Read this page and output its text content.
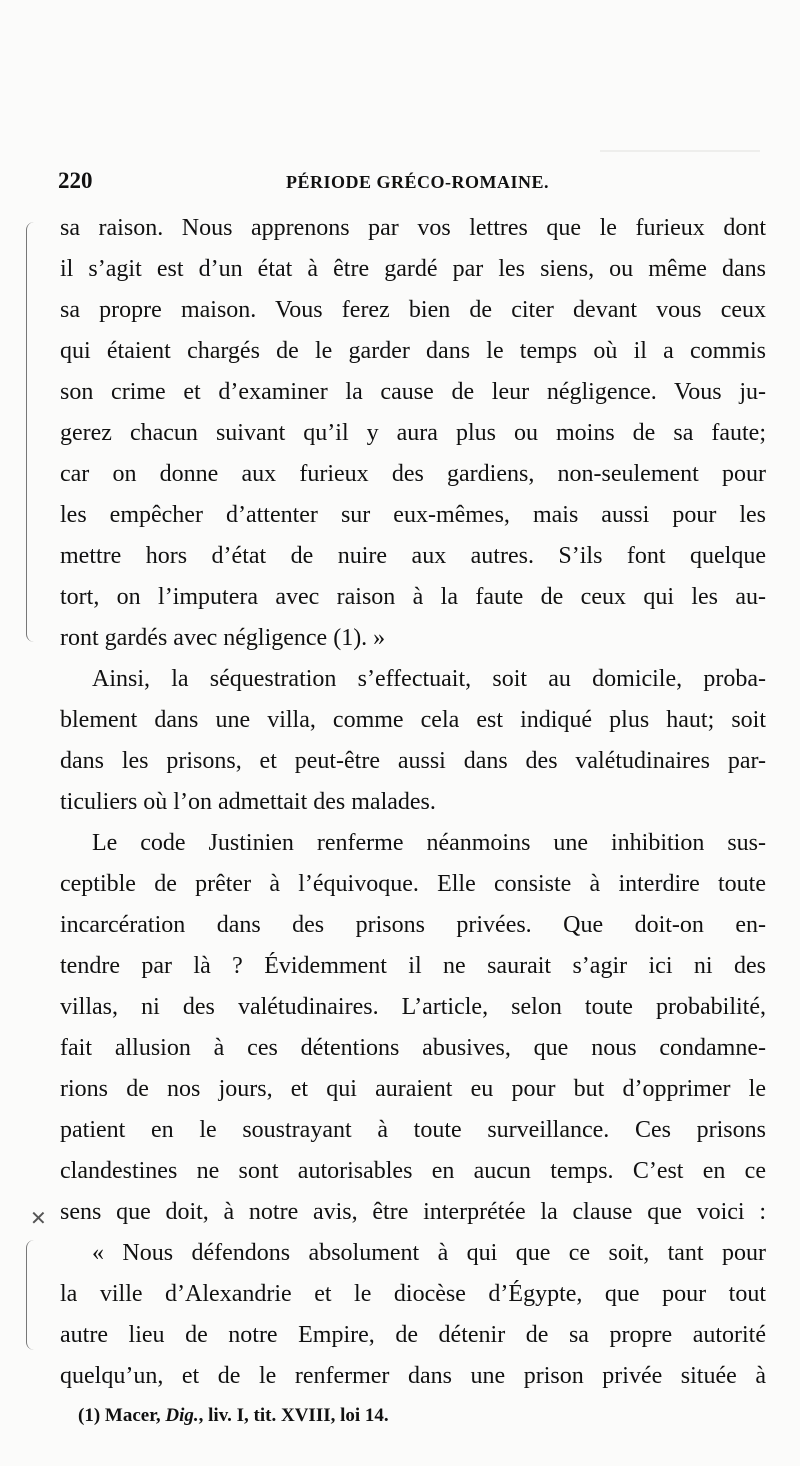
220	PÉRIODE GRÉCO-ROMAINE.
✕
sa raison. Nous apprenons par vos lettres que le furieux dont
il s’agit est d’un état à être gardé par les siens, ou même dans
sa propre maison. Vous ferez bien de citer devant vous ceux
qui étaient chargés de le garder dans le temps où il a commis
son crime et d’examiner la cause de leur négligence. Vous ju-
gerez chacun suivant qu’il y aura plus ou moins de sa faute;
car on donne aux furieux des gardiens, non-seulement pour
les empêcher d’attenter sur eux-mêmes, mais aussi pour les
mettre hors d’état de nuire aux autres. S’ils font quelque
tort, on l’imputera avec raison à la faute de ceux qui les au-
ront gardés avec négligence (1). »
Ainsi, la séquestration s’effectuait, soit au domicile, proba-
blement dans une villa, comme cela est indiqué plus haut; soit
dans les prisons, et peut-être aussi dans des valétudinaires par-
ticuliers où l’on admettait des malades.
Le code Justinien renferme néanmoins une inhibition sus-
ceptible de prêter à l’équivoque. Elle consiste à interdire toute
incarcération dans des prisons privées. Que doit-on en-
tendre par là ? Évidemment il ne saurait s’agir ici ni des
villas, ni des valétudinaires. L’article, selon toute probabilité,
fait allusion à ces détentions abusives, que nous condamne-
rions de nos jours, et qui auraient eu pour but d’opprimer le
patient en le soustrayant à toute surveillance. Ces prisons
clandestines ne sont autorisables en aucun temps. C’est en ce
sens que doit, à notre avis, être interprétée la clause que voici :
« Nous défendons absolument à qui que ce soit, tant pour
la ville d’Alexandrie et le diocèse d’Égypte, que pour tout
autre lieu de notre Empire, de détenir de sa propre autorité
quelqu’un, et de le renfermer dans une prison privée située à
(1) Macer, Dig., liv. I, tit. XVIII, loi 14.
